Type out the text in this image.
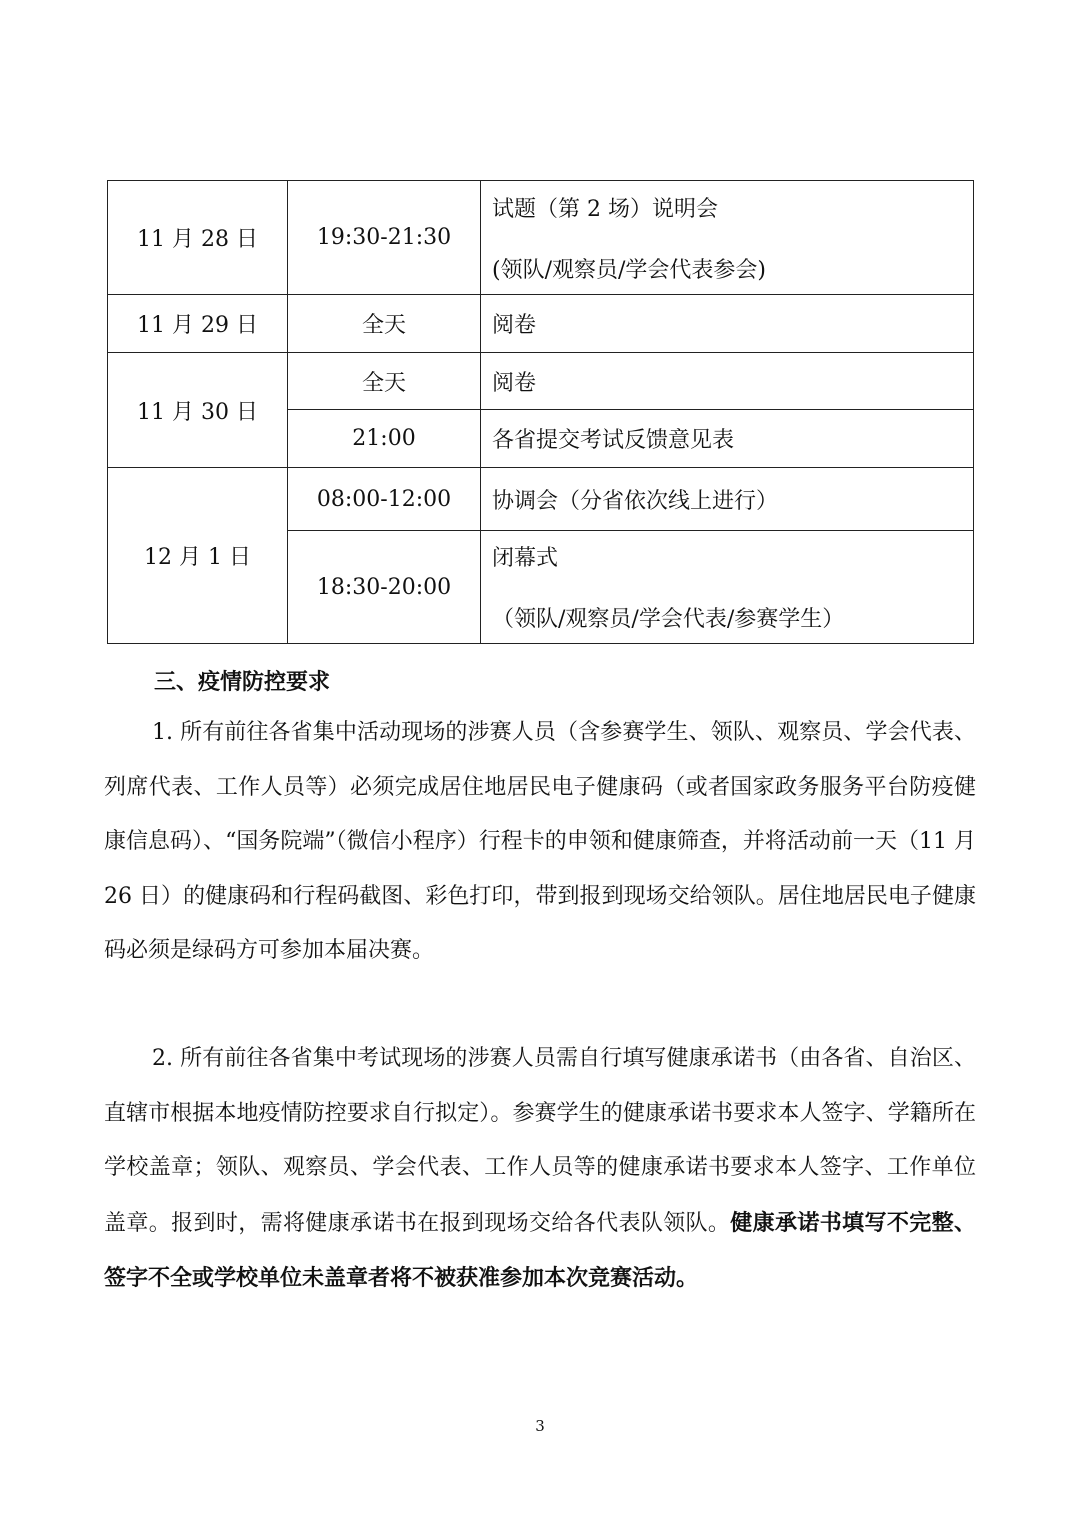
11 月 28 日	19:30-21:30	试题（第 2 场）说明会
(领队/观察员/学会代表参会)

11 月 29 日	全天	阅卷
11 月 30 日	全天	阅卷
	21:00	各省提交考试反馈意见表
12 月 1 日	08:00-12:00	协调会（分省依次线上进行）
	18:30-20:00	闭幕式
（领队/观察员/学会代表/参赛学生）
三、疫情防控要求

1. 所有前往各省集中活动现场的涉赛人员（含参赛学生、领队、观察员、学会代表、列席代表、工作人员等）必须完成居住地居民电子健康码（或者国家政务服务平台防疫健康信息码）、“国务院端”（微信小程序）行程卡的申领和健康筛查，并将活动前一天（11 月 26 日）的健康码和行程码截图、彩色打印，带到报到现场交给领队。居住地居民电子健康码必须是绿码方可参加本届决赛。

2. 所有前往各省集中考试现场的涉赛人员需自行填写健康承诺书（由各省、自治区、直辖市根据本地疫情防控要求自行拟定）。参赛学生的健康承诺书要求本人签字、学籍所在学校盖章；领队、观察员、学会代表、工作人员等的健康承诺书要求本人签字、工作单位盖章。报到时，需将健康承诺书在报到现场交给各代表队领队。健康承诺书填写不完整、签字不全或学校单位未盖章者将不被获准参加本次竞赛活动。

3
